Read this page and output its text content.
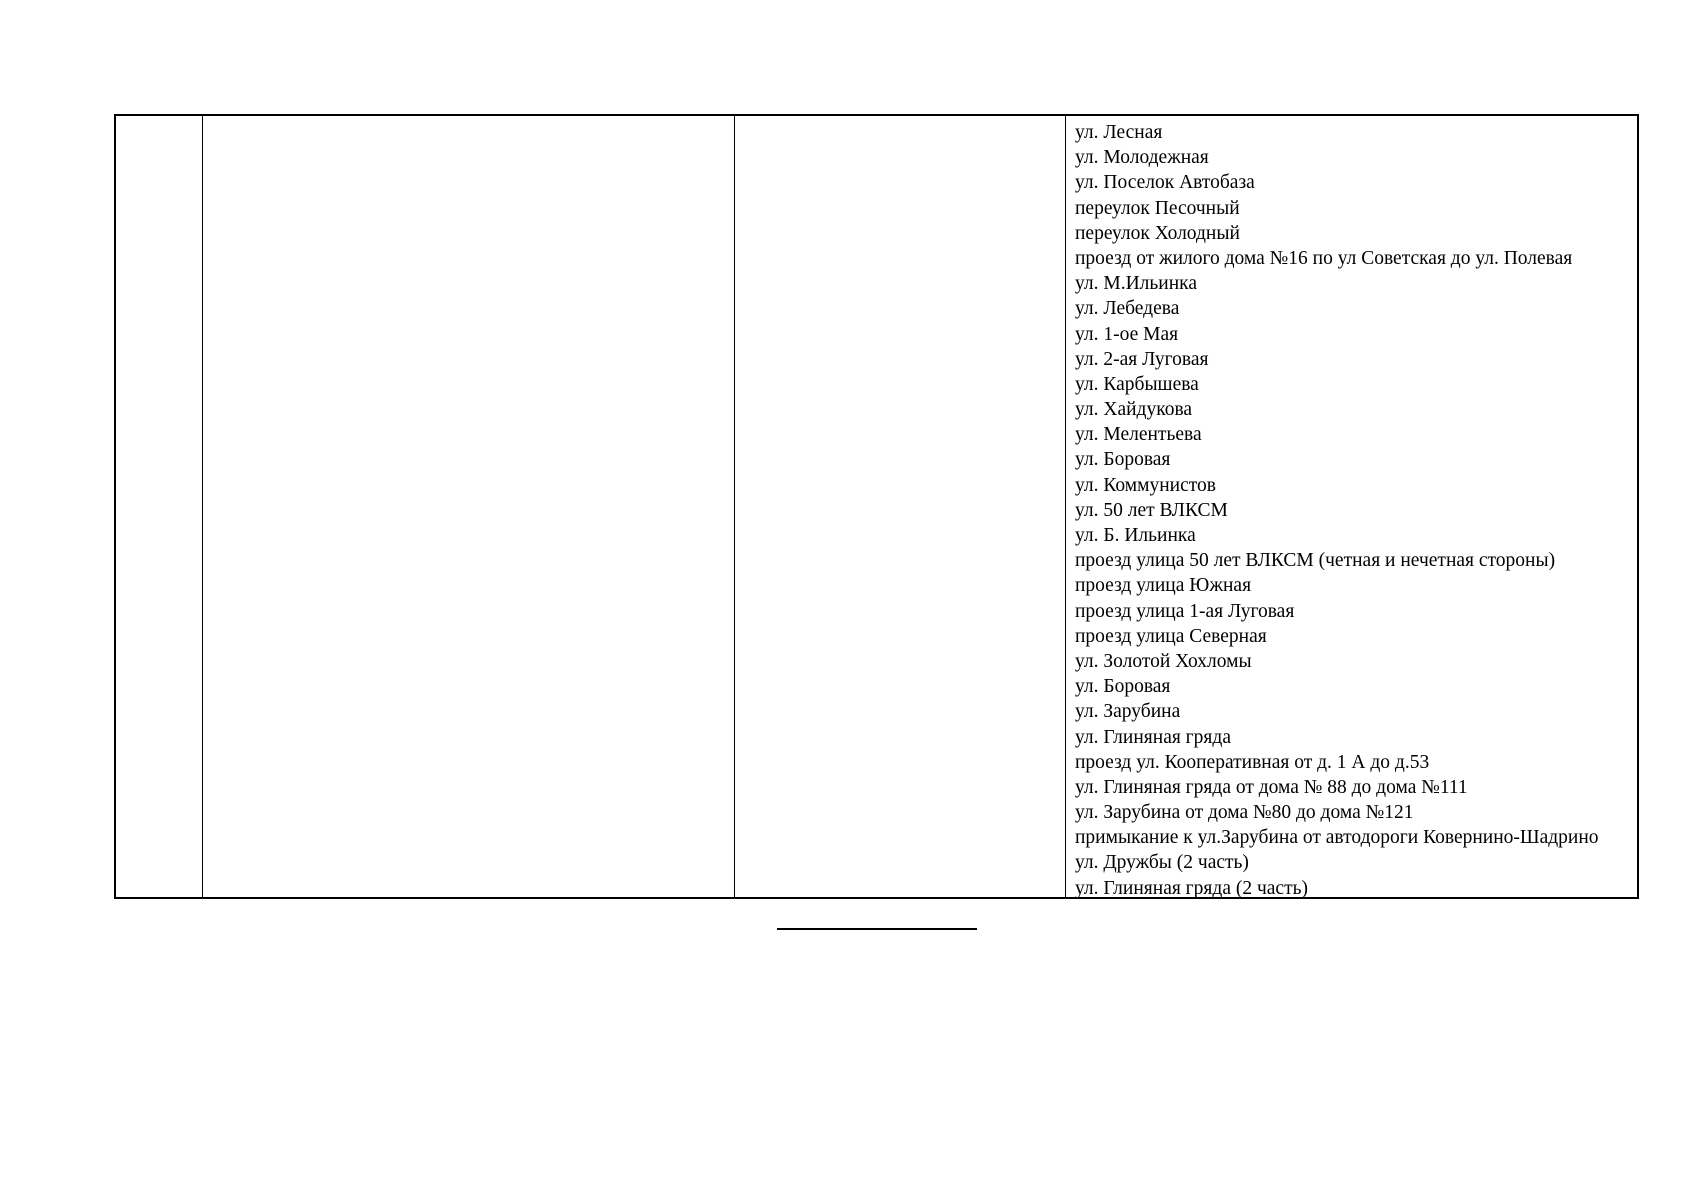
ул. Лесная
ул. Молодежная
ул. Поселок Автобаза
переулок Песочный
переулок Холодный
проезд от жилого дома №16 по ул Советская до ул. Полевая
ул. М.Ильинка
ул. Лебедева
ул. 1-ое Мая
ул. 2-ая Луговая
ул. Карбышева
ул. Хайдукова
ул. Мелентьева
ул. Боровая
ул. Коммунистов
ул. 50 лет ВЛКСМ
ул. Б. Ильинка
проезд улица 50 лет ВЛКСМ (четная и нечетная стороны)
проезд улица Южная
проезд улица 1-ая Луговая
проезд улица Северная
ул. Золотой Хохломы
ул. Боровая
ул. Зарубина
ул. Глиняная гряда
проезд ул. Кооперативная от д. 1 А до д.53
ул. Глиняная гряда от дома № 88 до дома №111
ул. Зарубина от дома №80 до дома №121
примыкание к ул.Зарубина от автодороги Ковернино-Шадрино
ул. Дружбы (2 часть)
ул. Глиняная гряда (2 часть)
